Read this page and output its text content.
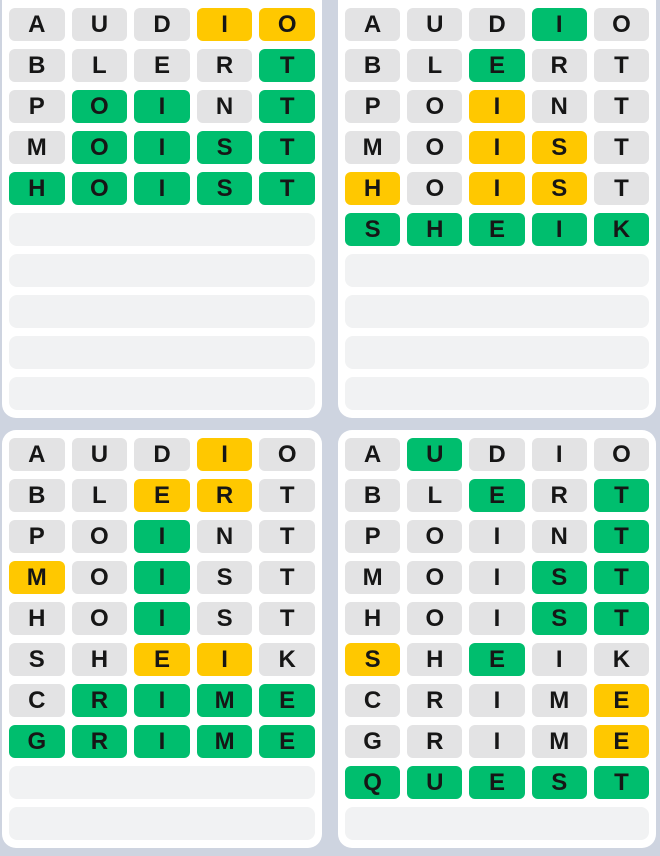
A	U	D	I	O
B	L	E	R	T
P	O	I	N	T
M	O	I	S	T
H	O	I	S	T
A	U	D	I	O
B	L	E	R	T
P	O	I	N	T
M	O	I	S	T
H	O	I	S	T
S	H	E	I	K
A	U	D	I	O
B	L	E	R	T
P	O	I	N	T
M	O	I	S	T
H	O	I	S	T
S	H	E	I	K
C	R	I	M	E
G	R	I	M	E
A	U	D	I	O
B	L	E	R	T
P	O	I	N	T
M	O	I	S	T
H	O	I	S	T
S	H	E	I	K
C	R	I	M	E
G	R	I	M	E
Q	U	E	S	T
